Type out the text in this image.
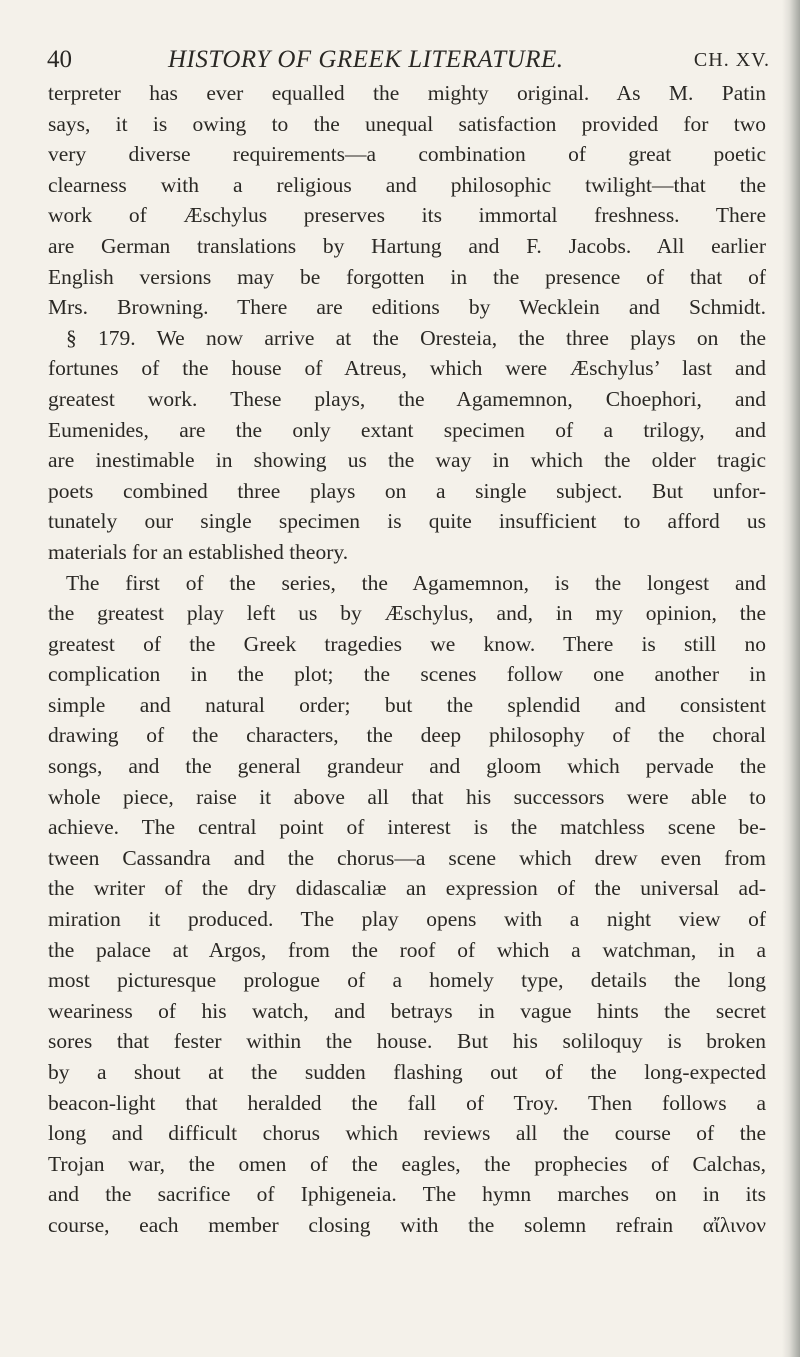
40	HISTORY OF GREEK LITERATURE.	CH. XV.
terpreter has ever equalled the mighty original. As M. Patin
says, it is owing to the unequal satisfaction provided for two
very diverse requirements—a combination of great poetic
clearness with a religious and philosophic twilight—that the
work of Æschylus preserves its immortal freshness. There
are German translations by Hartung and F. Jacobs. All earlier
English versions may be forgotten in the presence of that of
Mrs. Browning. There are editions by Wecklein and Schmidt.
§ 179. We now arrive at the Oresteia, the three plays on the
fortunes of the house of Atreus, which were Æschylus’ last and
greatest work. These plays, the Agamemnon, Choephori, and
Eumenides, are the only extant specimen of a trilogy, and
are inestimable in showing us the way in which the older tragic
poets combined three plays on a single subject. But unfor-
tunately our single specimen is quite insufficient to afford us
materials for an established theory.
The first of the series, the Agamemnon, is the longest and
the greatest play left us by Æschylus, and, in my opinion, the
greatest of the Greek tragedies we know. There is still no
complication in the plot; the scenes follow one another in
simple and natural order; but the splendid and consistent
drawing of the characters, the deep philosophy of the choral
songs, and the general grandeur and gloom which pervade the
whole piece, raise it above all that his successors were able to
achieve. The central point of interest is the matchless scene be-
tween Cassandra and the chorus—a scene which drew even from
the writer of the dry didascaliæ an expression of the universal ad-
miration it produced. The play opens with a night view of
the palace at Argos, from the roof of which a watchman, in a
most picturesque prologue of a homely type, details the long
weariness of his watch, and betrays in vague hints the secret
sores that fester within the house. But his soliloquy is broken
by a shout at the sudden flashing out of the long-expected
beacon-light that heralded the fall of Troy. Then follows a
long and difficult chorus which reviews all the course of the
Trojan war, the omen of the eagles, the prophecies of Calchas,
and the sacrifice of Iphigeneia. The hymn marches on in its
course, each member closing with the solemn refrain αἴλινον
